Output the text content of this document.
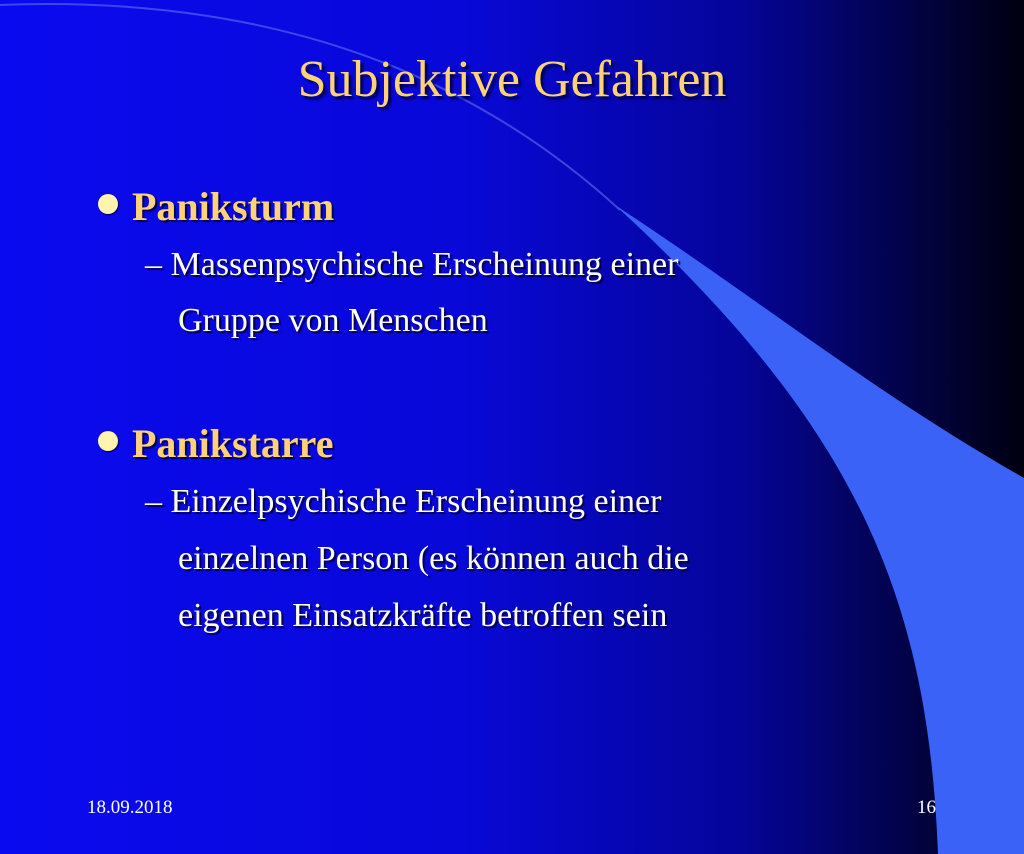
Subjektive Gefahren
Paniksturm
– Massenpsychische Erscheinung einer
Gruppe von Menschen
Panikstarre
– Einzelpsychische Erscheinung einer
einzelnen Person (es können auch die
eigenen Einsatzkräfte betroffen sein
18.09.2018	16
